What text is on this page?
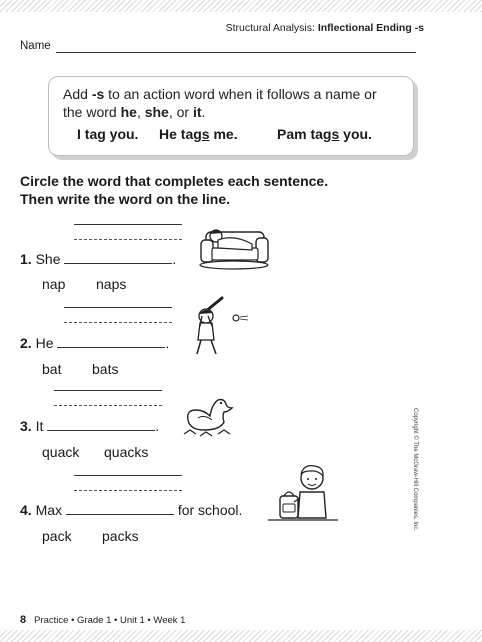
Structural Analysis: Inflectional Ending -s
Name
Add -s to an action word when it follows a name or the word he, she, or it.
I tag you. He tags me.	Pam tags you.
Circle the word that completes each sentence.
Then write the word on the line.
1. She	.
nap naps
2. He	.
bat bats
3. It	.
quack quacks
4. Max	for school.
pack packs
Copyright © The McGraw-Hill Companies, Inc.
8 Practice • Grade 1 • Unit 1 • Week 1
